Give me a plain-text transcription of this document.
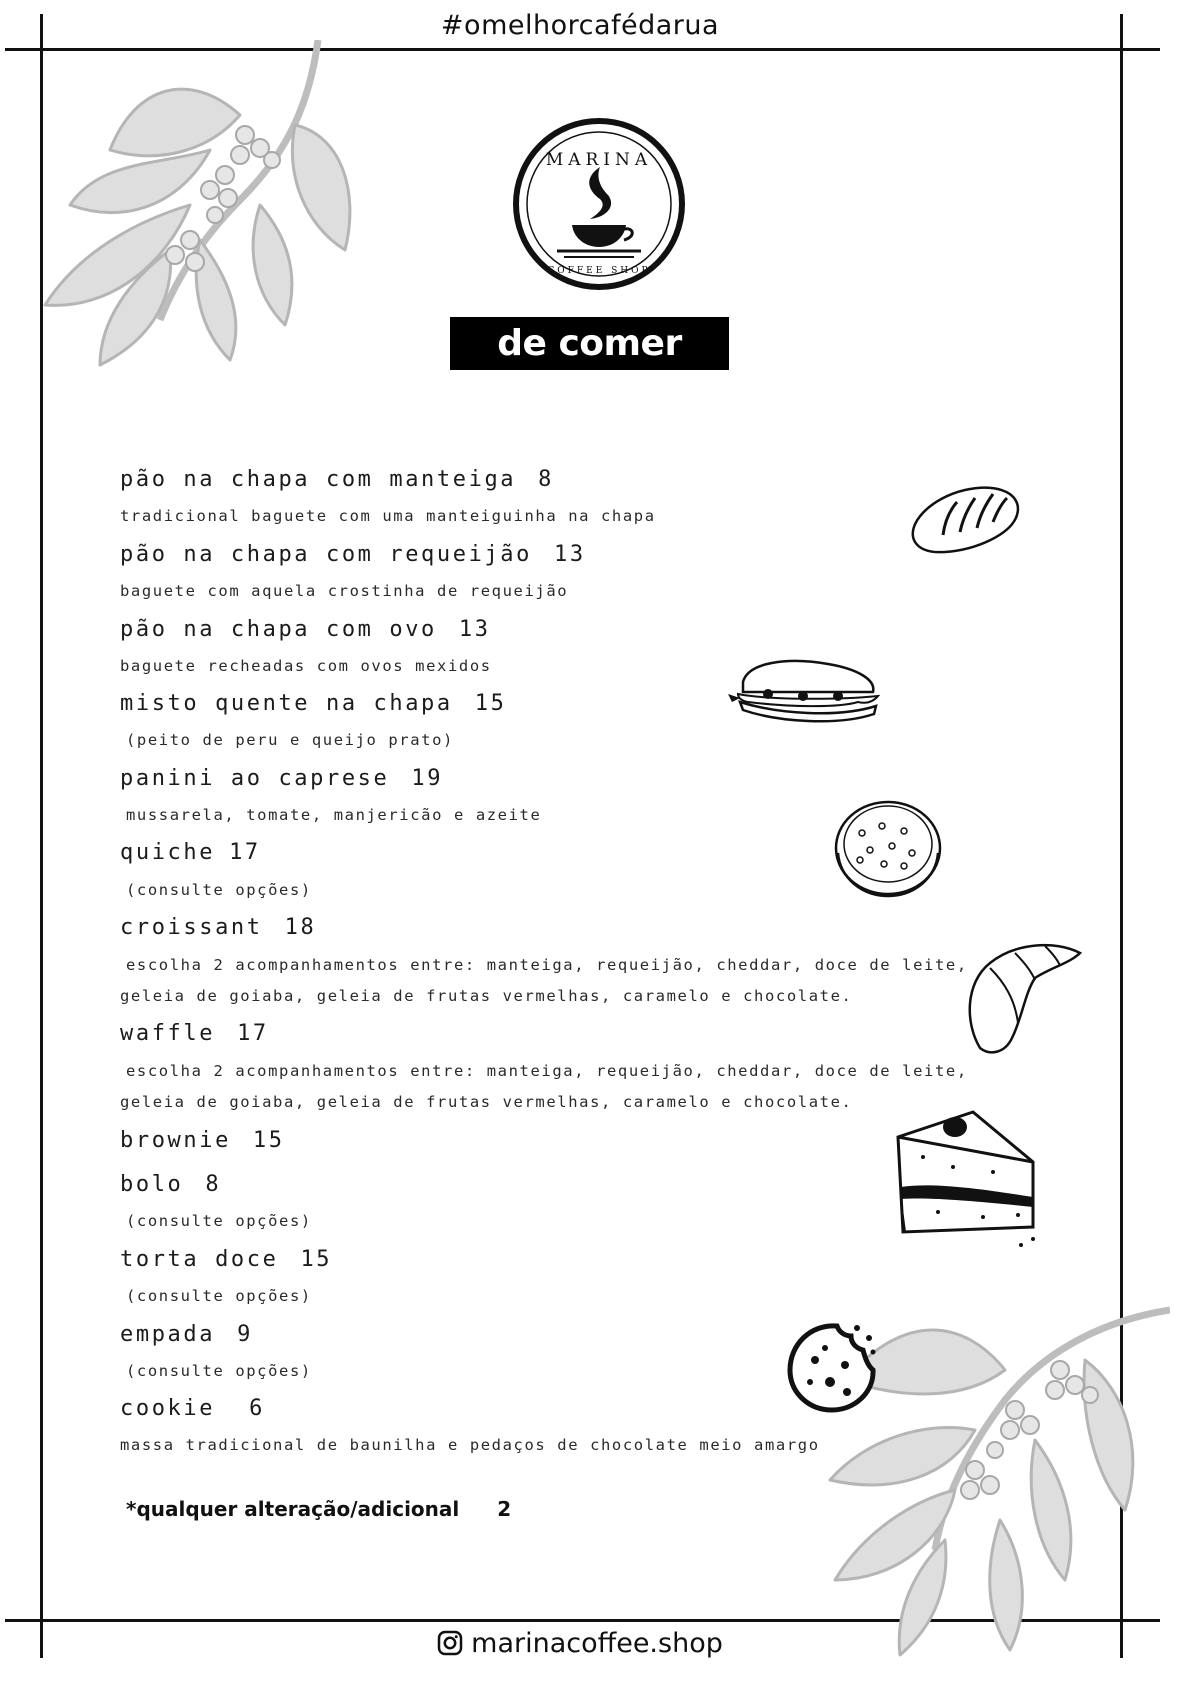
#omelhorcafédarua
MARINA
COFFEE SHOP
de comer
pão na chapa com manteiga 8
tradicional baguete com uma manteiguinha na chapa
pão na chapa com requeijão 13
baguete com aquela crostinha de requeijão
pão na chapa com ovo 13
baguete recheadas com ovos mexidos
misto quente na chapa 15
(peito de peru e queijo prato)
panini ao caprese 19
mussarela, tomate, manjericão e azeite
quiche 17
(consulte opções)
croissant 18
escolha 2 acompanhamentos entre: manteiga, requeijão, cheddar, doce de leite,
geleia de goiaba, geleia de frutas vermelhas, caramelo e chocolate.
waffle 17
escolha 2 acompanhamentos entre: manteiga, requeijão, cheddar, doce de leite,
geleia de goiaba, geleia de frutas vermelhas, caramelo e chocolate.
brownie 15
bolo 8
(consulte opções)
torta doce 15
(consulte opções)
empada 9
(consulte opções)
cookie 6
massa tradicional de baunilha e pedaços de chocolate meio amargo
*qualquer alteração/adicional 2
marinacoffee.shop
